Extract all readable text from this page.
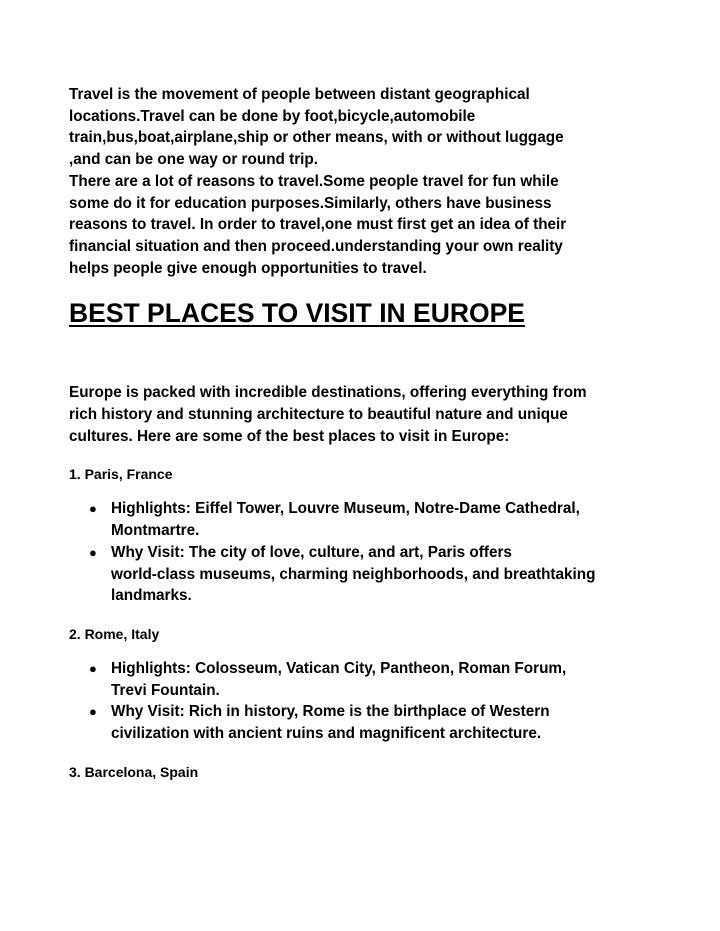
Travel is the movement of people between distant geographical
locations.Travel can be done by foot,bicycle,automobile
train,bus,boat,airplane,ship or other means, with or without luggage
,and can be one way or round trip.
There are a lot of reasons to travel.Some people travel for fun while
some do it for education purposes.Similarly, others have business
reasons to travel. In order to travel,one must first get an idea of their
financial situation and then proceed.understanding your own reality
helps people give enough opportunities to travel.

BEST PLACES TO VISIT IN EUROPE

Europe is packed with incredible destinations, offering everything from
rich history and stunning architecture to beautiful nature and unique
cultures. Here are some of the best places to visit in Europe:

1. Paris, France

● Highlights: Eiffel Tower, Louvre Museum, Notre-Dame Cathedral,
Montmartre.
● Why Visit: The city of love, culture, and art, Paris offers
world-class museums, charming neighborhoods, and breathtaking
landmarks.

2. Rome, Italy

● Highlights: Colosseum, Vatican City, Pantheon, Roman Forum,
Trevi Fountain.
● Why Visit: Rich in history, Rome is the birthplace of Western
civilization with ancient ruins and magnificent architecture.

3. Barcelona, Spain
